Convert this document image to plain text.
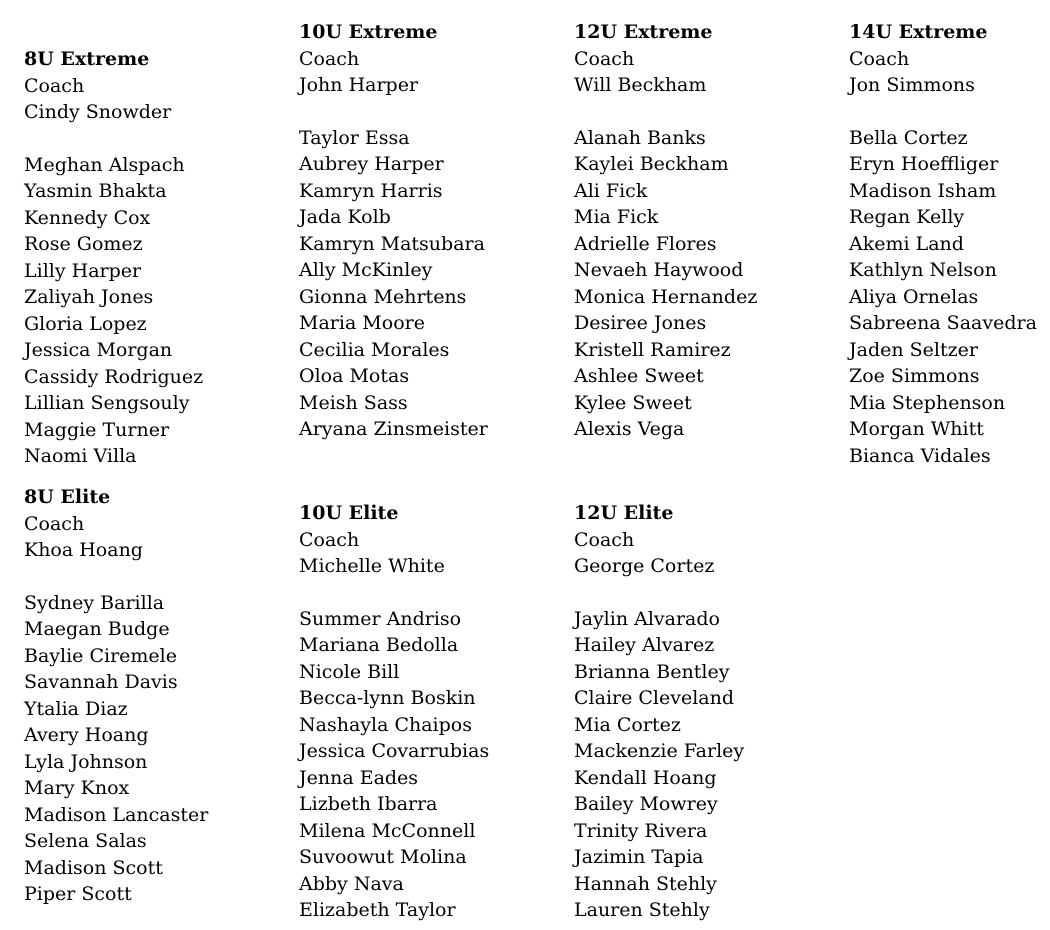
8U Extreme
Coach
Cindy Snowder
Meghan Alspach
Yasmin Bhakta
Kennedy Cox
Rose Gomez
Lilly Harper
Zaliyah Jones
Gloria Lopez
Jessica Morgan
Cassidy Rodriguez
Lillian Sengsouly
Maggie Turner
Naomi Villa
8U Elite
Coach
Khoa Hoang
Sydney Barilla
Maegan Budge
Baylie Ciremele
Savannah Davis
Ytalia Diaz
Avery Hoang
Lyla Johnson
Mary Knox
Madison Lancaster
Selena Salas
Madison Scott
Piper Scott
10U Extreme
Coach
John Harper
Taylor Essa
Aubrey Harper
Kamryn Harris
Jada Kolb
Kamryn Matsubara
Ally McKinley
Gionna Mehrtens
Maria Moore
Cecilia Morales
Oloa Motas
Meish Sass
Aryana Zinsmeister
10U Elite
Coach
Michelle White
Summer Andriso
Mariana Bedolla
Nicole Bill
Becca-lynn Boskin
Nashayla Chaipos
Jessica Covarrubias
Jenna Eades
Lizbeth Ibarra
Milena McConnell
Suvoowut Molina
Abby Nava
Elizabeth Taylor
12U Extreme
Coach
Will Beckham
Alanah Banks
Kaylei Beckham
Ali Fick
Mia Fick
Adrielle Flores
Nevaeh Haywood
Monica Hernandez
Desiree Jones
Kristell Ramirez
Ashlee Sweet
Kylee Sweet
Alexis Vega
12U Elite
Coach
George Cortez
Jaylin Alvarado
Hailey Alvarez
Brianna Bentley
Claire Cleveland
Mia Cortez
Mackenzie Farley
Kendall Hoang
Bailey Mowrey
Trinity Rivera
Jazimin Tapia
Hannah Stehly
Lauren Stehly
14U Extreme
Coach
Jon Simmons
Bella Cortez
Eryn Hoeffliger
Madison Isham
Regan Kelly
Akemi Land
Kathlyn Nelson
Aliya Ornelas
Sabreena Saavedra
Jaden Seltzer
Zoe Simmons
Mia Stephenson
Morgan Whitt
Bianca Vidales
